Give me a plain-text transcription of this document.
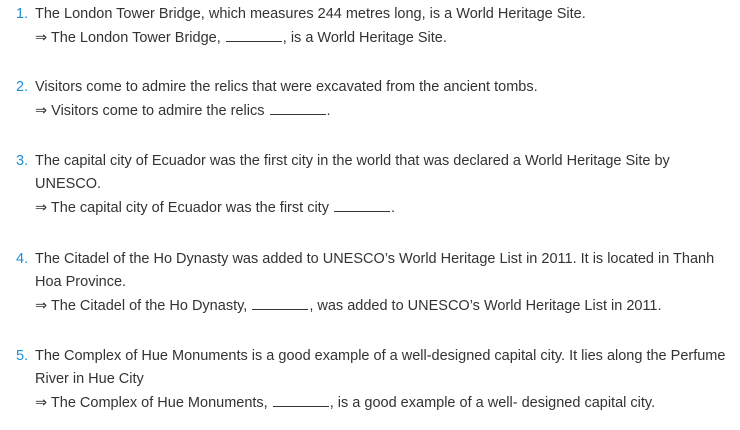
1. The London Tower Bridge, which measures 244 metres long, is a World Heritage Site.
⇒ The London Tower Bridge,	, is a World Heritage Site.
2. Visitors come to admire the relics that were excavated from the ancient tombs.
⇒ Visitors come to admire the relics	.
3. The capital city of Ecuador was the first city in the world that was declared a World Heritage Site by UNESCO.
⇒ The capital city of Ecuador was the first city	.
4. The Citadel of the Ho Dynasty was added to UNESCO’s World Heritage List in 2011. It is located in Thanh Hoa Province.
⇒ The Citadel of the Ho Dynasty,	, was added to UNESCO’s World Heritage List in 2011.
5. The Complex of Hue Monuments is a good example of a well-designed capital city. It lies along the Perfume River in Hue City
⇒ The Complex of Hue Monuments,	, is a good example of a well- designed capital city.
